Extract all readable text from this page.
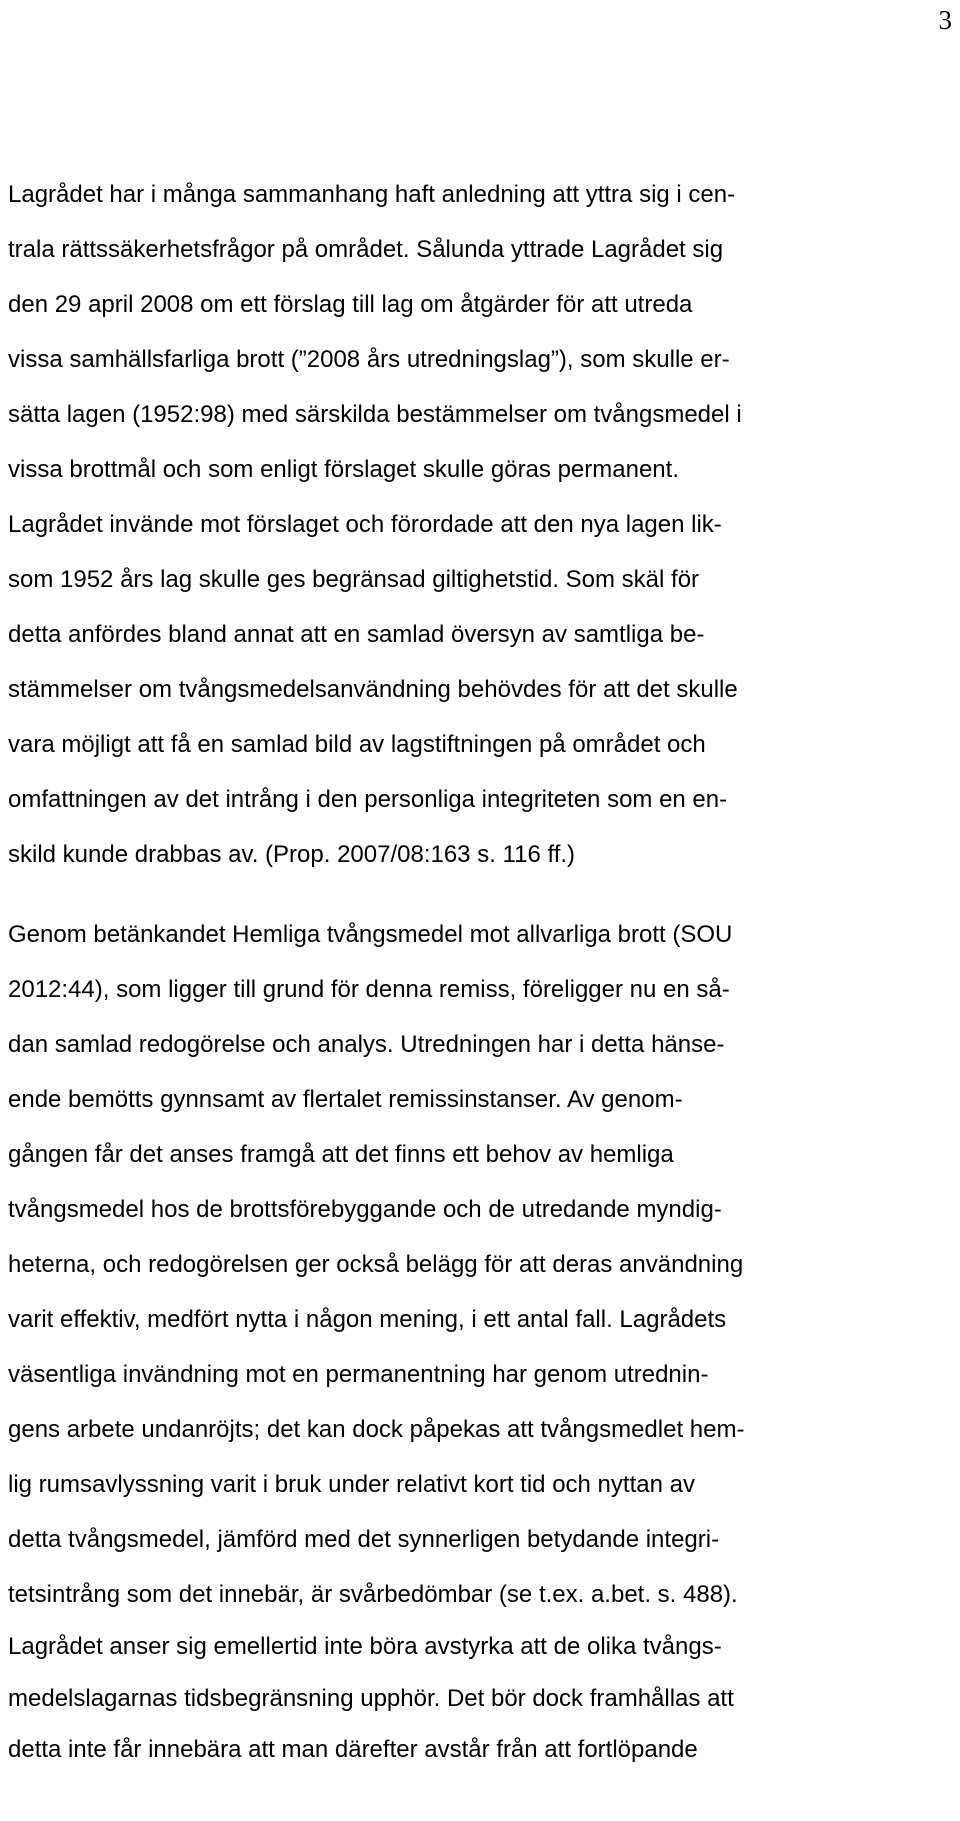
3
Lagrådet har i många sammanhang haft anledning att yttra sig i cen-
trala rättssäkerhetsfrågor på området. Sålunda yttrade Lagrådet sig
den 29 april 2008 om ett förslag till lag om åtgärder för att utreda
vissa samhällsfarliga brott (”2008 års utredningslag”), som skulle er-
sätta lagen (1952:98) med särskilda bestämmelser om tvångsmedel i
vissa brottmål och som enligt förslaget skulle göras permanent.
Lagrådet invände mot förslaget och förordade att den nya lagen lik-
som 1952 års lag skulle ges begränsad giltighetstid. Som skäl för
detta anfördes bland annat att en samlad översyn av samtliga be-
stämmelser om tvångsmedelsanvändning behövdes för att det skulle
vara möjligt att få en samlad bild av lagstiftningen på området och
omfattningen av det intrång i den personliga integriteten som en en-
skild kunde drabbas av. (Prop. 2007/08:163 s. 116 ff.)
Genom betänkandet Hemliga tvångsmedel mot allvarliga brott (SOU
2012:44), som ligger till grund för denna remiss, föreligger nu en så-
dan samlad redogörelse och analys. Utredningen har i detta hänse-
ende bemötts gynnsamt av flertalet remissinstanser. Av genom-
gången får det anses framgå att det finns ett behov av hemliga
tvångsmedel hos de brottsförebyggande och de utredande myndig-
heterna, och redogörelsen ger också belägg för att deras användning
varit effektiv, medfört nytta i någon mening, i ett antal fall. Lagrådets
väsentliga invändning mot en permanentning har genom utrednin-
gens arbete undanröjts; det kan dock påpekas att tvångsmedlet hem-
lig rumsavlyssning varit i bruk under relativt kort tid och nyttan av
detta tvångsmedel, jämförd med det synnerligen betydande integri-
tetsintrång som det innebär, är svårbedömbar (se t.ex. a.bet. s. 488).
Lagrådet anser sig emellertid inte böra avstyrka att de olika tvångs-
medelslagarnas tidsbegränsning upphör. Det bör dock framhållas att
detta inte får innebära att man därefter avstår från att fortlöpande
